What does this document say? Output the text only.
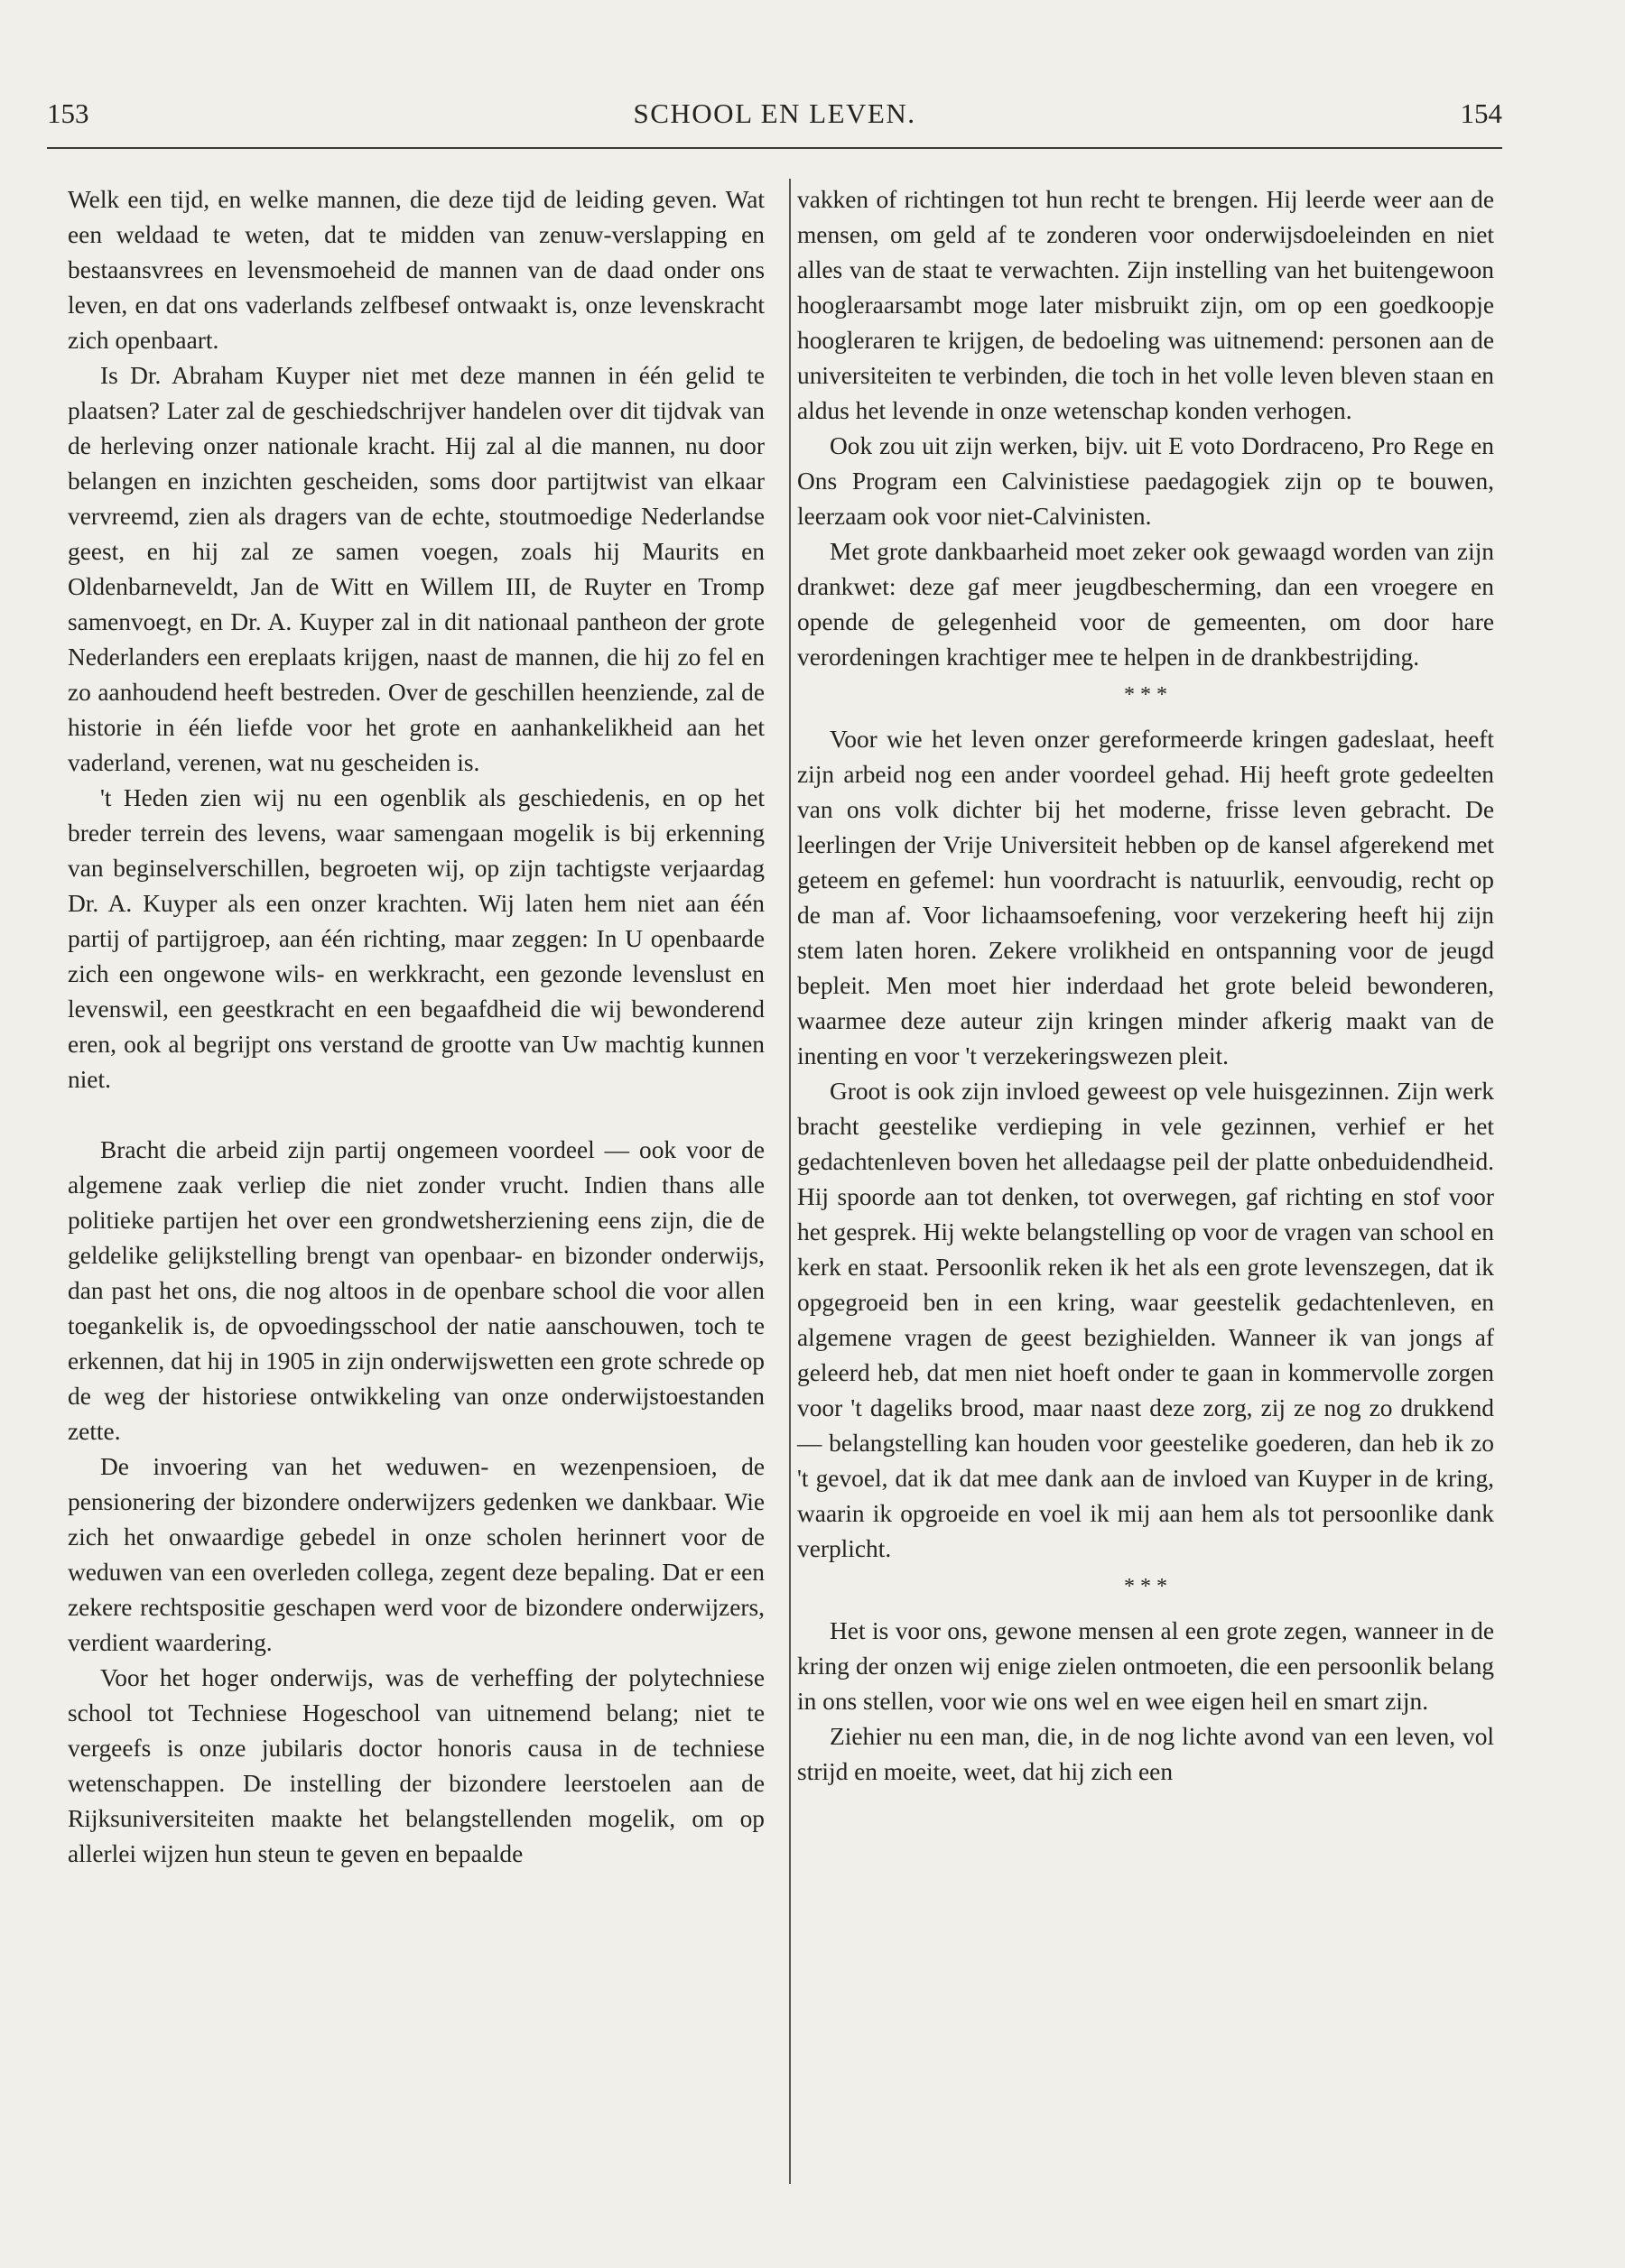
153	SCHOOL EN LEVEN.	154

Welk een tijd, en welke mannen, die deze tijd de leiding geven. Wat een weldaad te weten, dat te midden van zenuw-verslapping en bestaansvrees en levensmoeheid de mannen van de daad onder ons leven, en dat ons vaderlands zelfbesef ontwaakt is, onze levenskracht zich openbaart.

Is Dr. Abraham Kuyper niet met deze mannen in één gelid te plaatsen? Later zal de geschiedschrijver handelen over dit tijdvak van de herleving onzer nationale kracht. Hij zal al die mannen, nu door belangen en inzichten gescheiden, soms door partijtwist van elkaar vervreemd, zien als dragers van de echte, stoutmoedige Nederlandse geest, en hij zal ze samen voegen, zoals hij Maurits en Oldenbarneveldt, Jan de Witt en Willem III, de Ruyter en Tromp samenvoegt, en Dr. A. Kuyper zal in dit nationaal pantheon der grote Nederlanders een ereplaats krijgen, naast de mannen, die hij zo fel en zo aanhoudend heeft bestreden. Over de geschillen heenziende, zal de historie in één liefde voor het grote en aanhankelikheid aan het vaderland, verenen, wat nu gescheiden is.

't Heden zien wij nu een ogenblik als geschiedenis, en op het breder terrein des levens, waar samengaan mogelik is bij erkenning van beginselverschillen, begroeten wij, op zijn tachtigste verjaardag Dr. A. Kuyper als een onzer krachten. Wij laten hem niet aan één partij of partijgroep, aan één richting, maar zeggen: In U openbaarde zich een ongewone wils- en werkkracht, een gezonde levenslust en levenswil, een geestkracht en een begaafdheid die wij bewonderend eren, ook al begrijpt ons verstand de grootte van Uw machtig kunnen niet.

Bracht die arbeid zijn partij ongemeen voordeel — ook voor de algemene zaak verliep die niet zonder vrucht. Indien thans alle politieke partijen het over een grondwetsherziening eens zijn, die de geldelike gelijkstelling brengt van openbaar- en bizonder onderwijs, dan past het ons, die nog altoos in de openbare school die voor allen toegankelik is, de opvoedingsschool der natie aanschouwen, toch te erkennen, dat hij in 1905 in zijn onderwijswetten een grote schrede op de weg der historiese ontwikkeling van onze onderwijstoestanden zette.

De invoering van het weduwen- en wezenpensioen, de pensionering der bizondere onderwijzers gedenken we dankbaar. Wie zich het onwaardige gebedel in onze scholen herinnert voor de weduwen van een overleden collega, zegent deze bepaling. Dat er een zekere rechtspositie geschapen werd voor de bizondere onderwijzers, verdient waardering.

Voor het hoger onderwijs, was de verheffing der polytechniese school tot Techniese Hogeschool van uitnemend belang; niet te vergeefs is onze jubilaris doctor honoris causa in de techniese wetenschappen. De instelling der bizondere leerstoelen aan de Rijksuniversiteiten maakte het belangstellenden mogelik, om op allerlei wijzen hun steun te geven en bepaalde

vakken of richtingen tot hun recht te brengen. Hij leerde weer aan de mensen, om geld af te zonderen voor onderwijsdoeleinden en niet alles van de staat te verwachten. Zijn instelling van het buitengewoon hoogleraarsambt moge later misbruikt zijn, om op een goedkoopje hoogleraren te krijgen, de bedoeling was uitnemend: personen aan de universiteiten te verbinden, die toch in het volle leven bleven staan en aldus het levende in onze wetenschap konden verhogen.

Ook zou uit zijn werken, bijv. uit E voto Dordraceno, Pro Rege en Ons Program een Calvinistiese paedagogiek zijn op te bouwen, leerzaam ook voor niet-Calvinisten.

Met grote dankbaarheid moet zeker ook gewaagd worden van zijn drankwet: deze gaf meer jeugdbescherming, dan een vroegere en opende de gelegenheid voor de gemeenten, om door hare verordeningen krachtiger mee te helpen in de drankbestrijding.

* * *

Voor wie het leven onzer gereformeerde kringen gadeslaat, heeft zijn arbeid nog een ander voordeel gehad. Hij heeft grote gedeelten van ons volk dichter bij het moderne, frisse leven gebracht. De leerlingen der Vrije Universiteit hebben op de kansel afgerekend met geteem en gefemel: hun voordracht is natuurlik, eenvoudig, recht op de man af. Voor lichaamsoefening, voor verzekering heeft hij zijn stem laten horen. Zekere vrolikheid en ontspanning voor de jeugd bepleit. Men moet hier inderdaad het grote beleid bewonderen, waarmee deze auteur zijn kringen minder afkerig maakt van de inenting en voor 't verzekeringswezen pleit.

Groot is ook zijn invloed geweest op vele huisgezinnen. Zijn werk bracht geestelike verdieping in vele gezinnen, verhief er het gedachtenleven boven het alledaagse peil der platte onbeduidendheid. Hij spoorde aan tot denken, tot overwegen, gaf richting en stof voor het gesprek. Hij wekte belangstelling op voor de vragen van school en kerk en staat. Persoonlik reken ik het als een grote levenszegen, dat ik opgegroeid ben in een kring, waar geestelik gedachtenleven, en algemene vragen de geest bezighielden. Wanneer ik van jongs af geleerd heb, dat men niet hoeft onder te gaan in kommervolle zorgen voor 't dageliks brood, maar naast deze zorg, zij ze nog zo drukkend — belangstelling kan houden voor geestelike goederen, dan heb ik zo 't gevoel, dat ik dat mee dank aan de invloed van Kuyper in de kring, waarin ik opgroeide en voel ik mij aan hem als tot persoonlike dank verplicht.

* * *

Het is voor ons, gewone mensen al een grote zegen, wanneer in de kring der onzen wij enige zielen ontmoeten, die een persoonlik belang in ons stellen, voor wie ons wel en wee eigen heil en smart zijn.

Ziehier nu een man, die, in de nog lichte avond van een leven, vol strijd en moeite, weet, dat hij zich een
